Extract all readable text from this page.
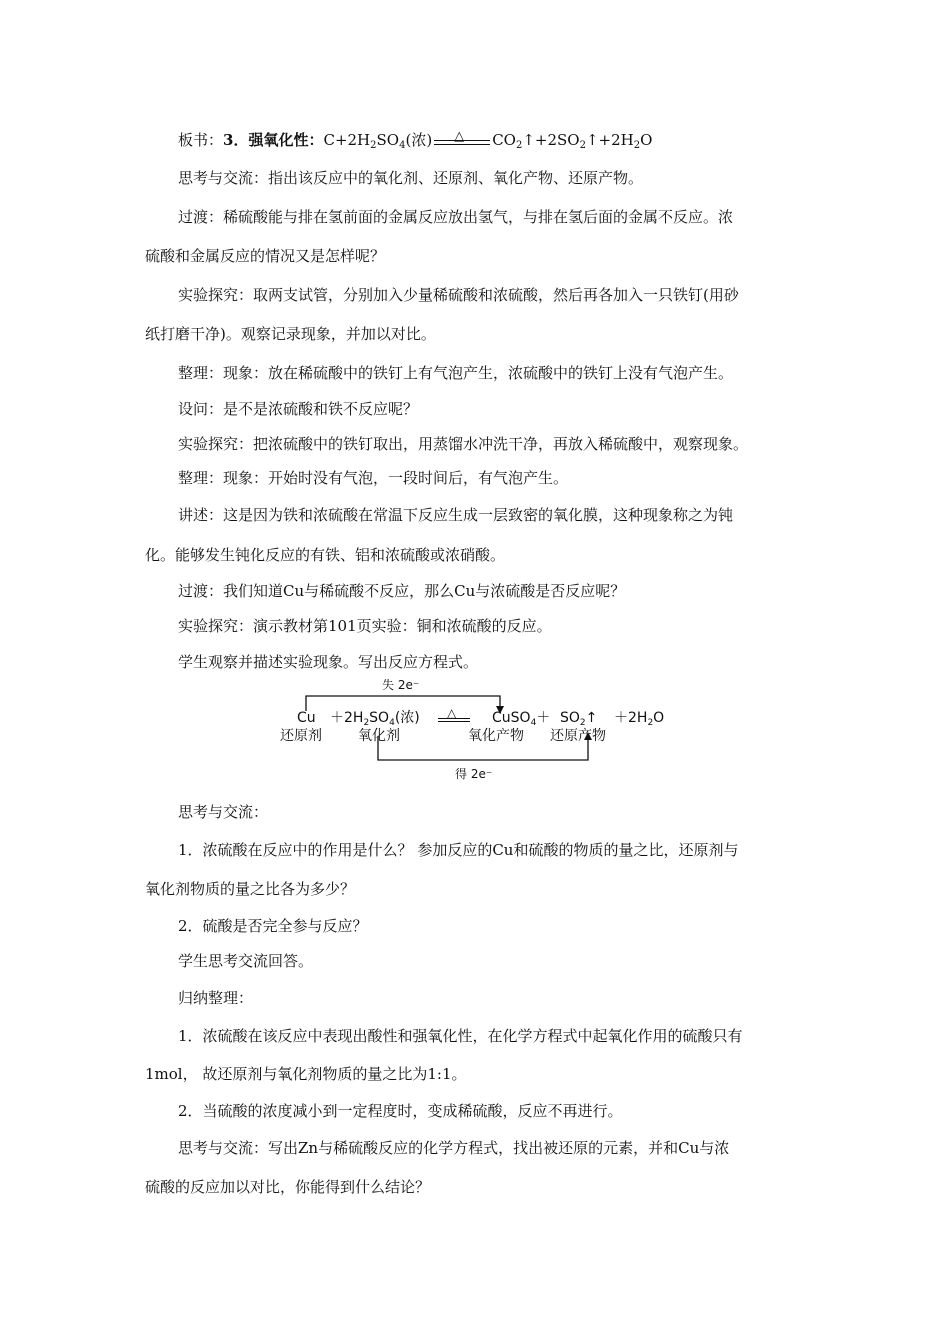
板书：3．强氧化性：$C+2H_2SO_4$(浓) △ $CO_2↑+2SO_2↑+2H_2O$
思考与交流：指出该反应中的氧化剂、还原剂、氧化产物、还原产物。
过渡：稀硫酸能与排在氢前面的金属反应放出氢气，与排在氢后面的金属不反应。浓
硫酸和金属反应的情况又是怎样呢？
实验探究：取两支试管，分别加入少量稀硫酸和浓硫酸，然后再各加入一只铁钉(用砂
纸打磨干净)。观察记录现象，并加以对比。
整理：现象：放在稀硫酸中的铁钉上有气泡产生，浓硫酸中的铁钉上没有气泡产生。
设问：是不是浓硫酸和铁不反应呢？
实验探究：把浓硫酸中的铁钉取出，用蒸馏水冲洗干净，再放入稀硫酸中，观察现象。
整理：现象：开始时没有气泡，一段时间后，有气泡产生。
讲述：这是因为铁和浓硫酸在常温下反应生成一层致密的氧化膜，这种现象称之为钝
化。能够发生钝化反应的有铁、铝和浓硫酸或浓硝酸。
过渡：我们知道Cu与稀硫酸不反应，那么Cu与浓硫酸是否反应呢？
实验探究：演示教材第101页实验：铜和浓硫酸的反应。
学生观察并描述实验现象。写出反应方程式。
失 2e⁻
得 2e⁻
$Cu +2H_2SO_4$(浓) △	CuSO$_4$＋ $SO_2↑ +2H_2O$
还原剂	氧化剂	氧化产物 还原产物
思考与交流：
1．浓硫酸在反应中的作用是什么？ 参加反应的Cu和硫酸的物质的量之比，还原剂与
氧化剂物质的量之比各为多少？
2．硫酸是否完全参与反应？
学生思考交流回答。
归纳整理：
1．浓硫酸在该反应中表现出酸性和强氧化性，在化学方程式中起氧化作用的硫酸只有
1mol， 故还原剂与氧化剂物质的量之比为1:1。
2．当硫酸的浓度减小到一定程度时，变成稀硫酸，反应不再进行。
思考与交流：写出Zn与稀硫酸反应的化学方程式，找出被还原的元素，并和Cu与浓
硫酸的反应加以对比，你能得到什么结论？
